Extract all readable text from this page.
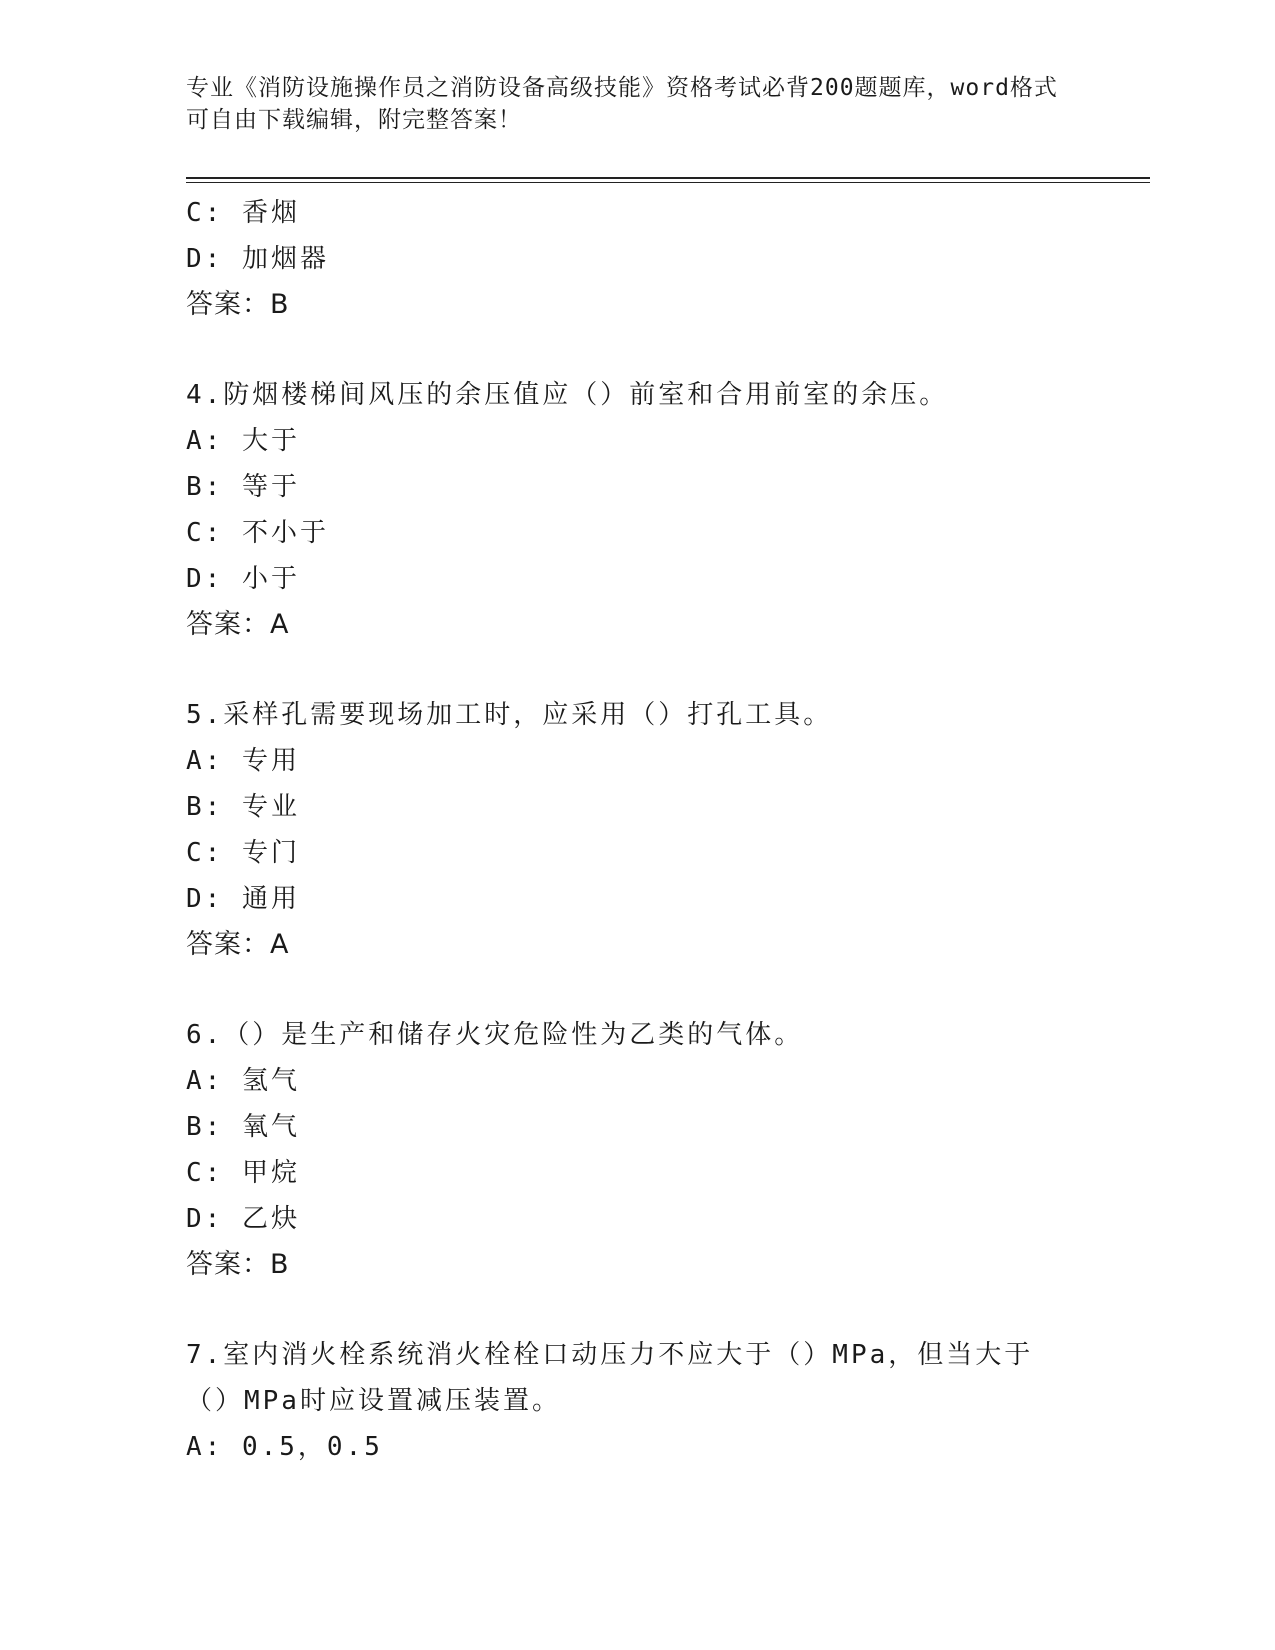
专业《消防设施操作员之消防设备高级技能》资格考试必背200题题库，word格式可自由下载编辑，附完整答案！
C: 香烟
D: 加烟器
答案：B
4.防烟楼梯间风压的余压值应（）前室和合用前室的余压。
A: 大于
B: 等于
C: 不小于
D: 小于
答案：A
5.采样孔需要现场加工时，应采用（）打孔工具。
A: 专用
B: 专业
C: 专门
D: 通用
答案：A
6.（）是生产和储存火灾危险性为乙类的气体。
A: 氢气
B: 氧气
C: 甲烷
D: 乙炔
答案：B
7.室内消火栓系统消火栓栓口动压力不应大于（）MPa，但当大于（）MPa时应设置减压装置。
A: 0.5，0.5
